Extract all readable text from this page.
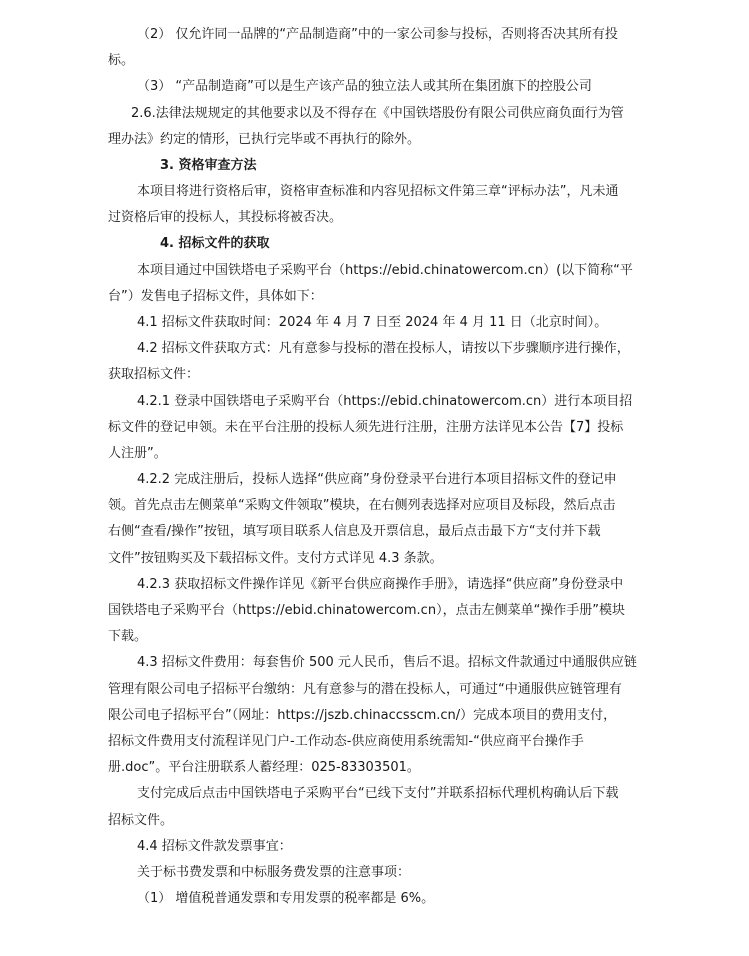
（2） 仅允许同一品牌的“产品制造商”中的一家公司参与投标，否则将否决其所有投
标。
（3） “产品制造商”可以是生产该产品的独立法人或其所在集团旗下的控股公司
2.6.法律法规规定的其他要求以及不得存在《中国铁塔股份有限公司供应商负面行为管
理办法》约定的情形，已执行完毕或不再执行的除外。
3. 资格审查方法
本项目将进行资格后审，资格审查标准和内容见招标文件第三章“评标办法”，凡未通
过资格后审的投标人，其投标将被否决。
4. 招标文件的获取
本项目通过中国铁塔电子采购平台（https://ebid.chinatowercom.cn）(以下简称“平
台”）发售电子招标文件，具体如下：
4.1 招标文件获取时间：2024 年 4 月 7 日至 2024 年 4 月 11 日（北京时间）。
4.2 招标文件获取方式：凡有意参与投标的潜在投标人，请按以下步骤顺序进行操作，
获取招标文件：
4.2.1 登录中国铁塔电子采购平台（https://ebid.chinatowercom.cn）进行本项目招
标文件的登记申领。未在平台注册的投标人须先进行注册，注册方法详见本公告【7】投标
人注册”。
4.2.2 完成注册后，投标人选择“供应商”身份登录平台进行本项目招标文件的登记申
领。首先点击左侧菜单“采购文件领取”模块，在右侧列表选择对应项目及标段，然后点击
右侧“查看/操作”按钮，填写项目联系人信息及开票信息，最后点击最下方“支付并下载
文件”按钮购买及下载招标文件。支付方式详见 4.3 条款。
4.2.3 获取招标文件操作详见《新平台供应商操作手册》，请选择“供应商”身份登录中
国铁塔电子采购平台（https://ebid.chinatowercom.cn），点击左侧菜单“操作手册”模块
下载。
4.3 招标文件费用：每套售价 500 元人民币，售后不退。招标文件款通过中通服供应链
管理有限公司电子招标平台缴纳：凡有意参与的潜在投标人，可通过“中通服供应链管理有
限公司电子招标平台”（网址：https://jszb.chinaccsscm.cn/）完成本项目的费用支付，
招标文件费用支付流程详见门户-工作动态-供应商使用系统需知-“供应商平台操作手
册.doc”。平台注册联系人蓄经理：025-83303501。
支付完成后点击中国铁塔电子采购平台“已线下支付”并联系招标代理机构确认后下载
招标文件。
4.4 招标文件款发票事宜：
关于标书费发票和中标服务费发票的注意事项：
（1） 增值税普通发票和专用发票的税率都是 6%。
